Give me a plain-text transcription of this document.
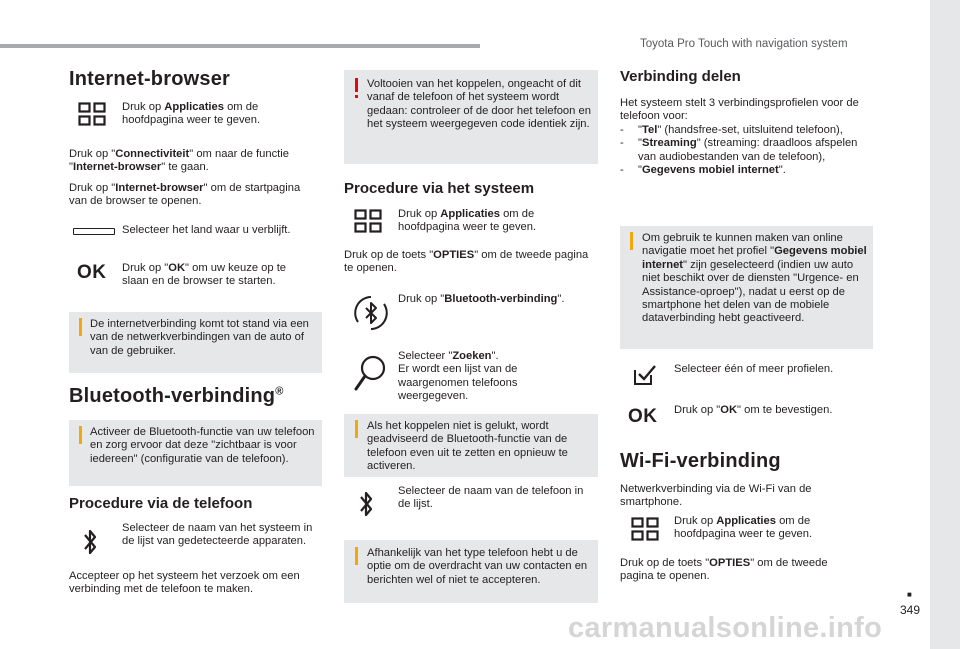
Toyota Pro Touch with navigation system
■
349
carmanualsonline.info
Internet-browser
Druk op Applicaties om de hoofdpagina weer te geven.
Druk op "Connectiviteit" om naar de functie "Internet-browser" te gaan.
Druk op "Internet-browser" om de startpagina van de browser te openen.
Selecteer het land waar u verblijft.
OK Druk op "OK" om uw keuze op te slaan en de browser te starten.
De internetverbinding komt tot stand via een van de netwerkverbindingen van de auto of van de gebruiker.
Bluetooth-verbinding®
Activeer de Bluetooth-functie van uw telefoon en zorg ervoor dat deze "zichtbaar is voor iedereen" (configuratie van de telefoon).
Procedure via de telefoon
Selecteer de naam van het systeem in de lijst van gedetecteerde apparaten.
Accepteer op het systeem het verzoek om een verbinding met de telefoon te maken.
Voltooien van het koppelen, ongeacht of dit vanaf de telefoon of het systeem wordt gedaan: controleer of de door het telefoon en het systeem weergegeven code identiek zijn.
Procedure via het systeem
Druk op Applicaties om de hoofdpagina weer te geven.
Druk op de toets "OPTIES" om de tweede pagina te openen.
Druk op "Bluetooth-verbinding".
Selecteer "Zoeken".
Er wordt een lijst van de waargenomen telefoons weergegeven.
Als het koppelen niet is gelukt, wordt geadviseerd de Bluetooth-functie van de telefoon even uit te zetten en opnieuw te activeren.
Selecteer de naam van de telefoon in de lijst.
Afhankelijk van het type telefoon hebt u de optie om de overdracht van uw contacten en berichten wel of niet te accepteren.
Verbinding delen
Het systeem stelt 3 verbindingsprofielen voor de telefoon voor:
-	"Tel" (handsfree-set, uitsluitend telefoon),
-	"Streaming" (streaming: draadloos afspelen van audiobestanden van de telefoon),
-	"Gegevens mobiel internet".
Om gebruik te kunnen maken van online navigatie moet het profiel "Gegevens mobiel internet" zijn geselecteerd (indien uw auto niet beschikt over de diensten "Urgence- en Assistance-oproep"), nadat u eerst op de smartphone het delen van de mobiele dataverbinding hebt geactiveerd.
Selecteer één of meer profielen.
OK Druk op "OK" om te bevestigen.
Wi-Fi-verbinding
Netwerkverbinding via de Wi-Fi van de smartphone.
Druk op Applicaties om de hoofdpagina weer te geven.
Druk op de toets "OPTIES" om de tweede pagina te openen.
